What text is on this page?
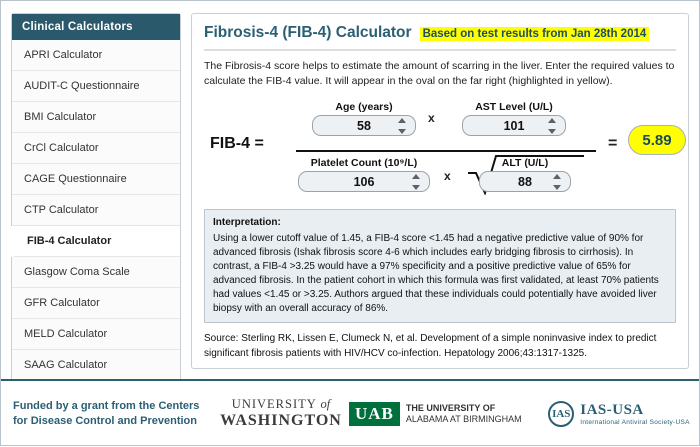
Clinical Calculators
APRI Calculator
AUDIT-C Questionnaire
BMI Calculator
CrCl Calculator
CAGE Questionnaire
CTP Calculator
FIB-4 Calculator
Glasgow Coma Scale
GFR Calculator
MELD Calculator
SAAG Calculator
Fibrosis-4 (FIB-4) Calculator Based on test results from Jan 28th 2014
The Fibrosis-4 score helps to estimate the amount of scarring in the liver. Enter the required values to calculate the FIB-4 value. It will appear in the oval on the far right (highlighted in yellow).
FIB-4 =
Age (years)
58
x
AST Level (U/L)
101
Platelet Count (10⁹/L)
106
x
ALT (U/L)
88
=	5.89
Interpretation:
Using a lower cutoff value of 1.45, a FIB-4 score <1.45 had a negative predictive value of 90% for advanced fibrosis (Ishak fibrosis score 4-6 which includes early bridging fibrosis to cirrhosis). In contrast, a FIB-4 >3.25 would have a 97% specificity and a positive predictive value of 65% for advanced fibrosis. In the patient cohort in which this formula was first validated, at least 70% patients had values <1.45 or >3.25. Authors argued that these individuals could potentially have avoided liver biopsy with an overall accuracy of 86%.
Source: Sterling RK, Lissen E, Clumeck N, et al. Development of a simple noninvasive index to predict significant fibrosis patients with HIV/HCV co-infection. Hepatology 2006;43:1317-1325.
Funded by a grant from the Centers for Disease Control and Prevention
UNIVERSITY of
WASHINGTON UAB	THE UNIVERSITY OF
ALABAMA AT BIRMINGHAM	IAS IAS-USA
International Antiviral Society-USA
